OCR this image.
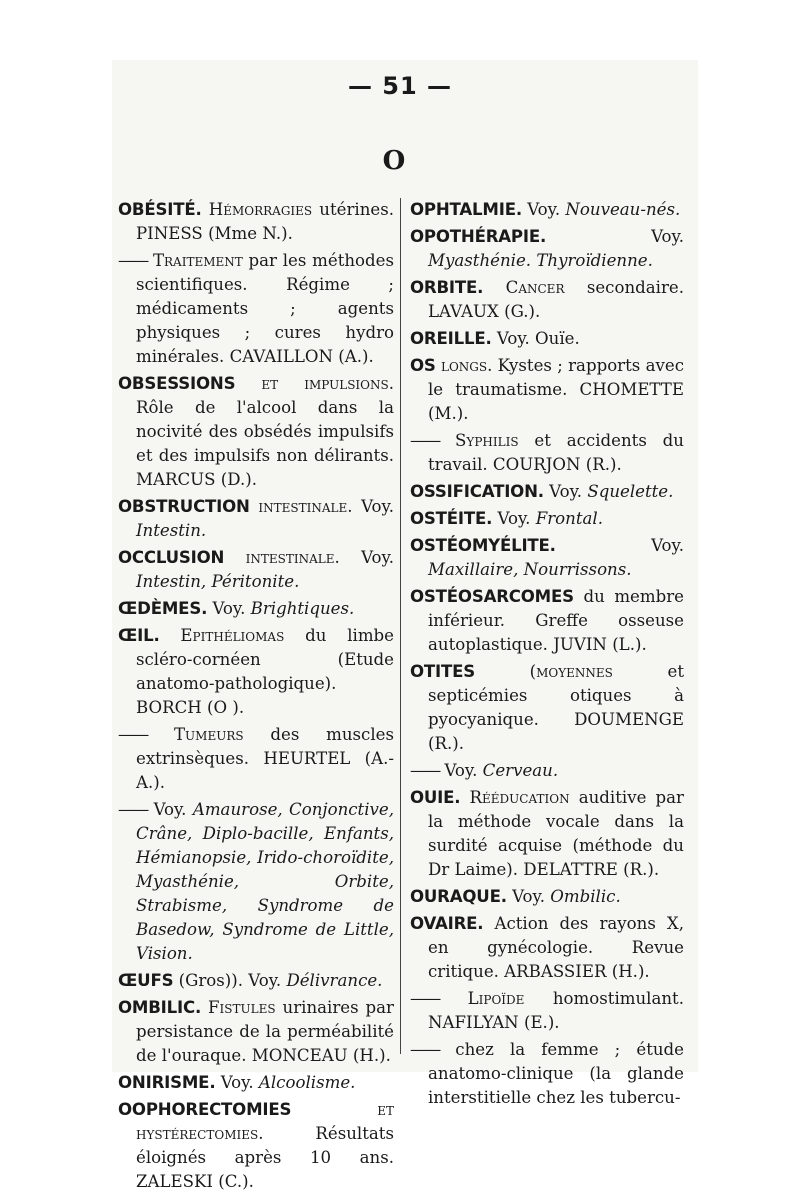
— 51 —
O
OBÉSITÉ. Hémorragies utérines. PINESS (Mme N.).
—— Traitement par les méthodes scientifiques. Régime ; médicaments ; agents physiques ; cures hydro minérales. CAVAILLON (A.).
OBSESSIONS et impulsions. Rôle de l'alcool dans la nocivité des obsédés impulsifs et des impulsifs non délirants. MARCUS (D.).
OBSTRUCTION intestinale. Voy. Intestin.
OCCLUSION intestinale. Voy. Intestin, Péritonite.
ŒDÈMES. Voy. Brightiques.
ŒIL. Epithéliomas du limbe scléro-cornéen (Etude anatomo-pathologique). BORCH (O ).
—— Tumeurs des muscles extrinsèques. HEURTEL (A.-A.).
—— Voy. Amaurose, Conjonctive, Crâne, Diplo-bacille, Enfants, Hémianopsie, Irido-choroïdite, Myasthénie, Orbite, Strabisme, Syndrome de Basedow, Syndrome de Little, Vision.
ŒUFS (Gros)). Voy. Délivrance.
OMBILIC. Fistules urinaires par persistance de la perméabilité de l'ouraque. MONCEAU (H.).
ONIRISME. Voy. Alcoolisme.
OOPHORECTOMIES	et hystérectomies. Résultats éloignés après 10 ans. ZALESKI (C.).
OPHTALMIE. Voy. Nouveau-nés.
OPOTHÉRAPIE. Voy. Myasthénie. Thyroïdienne.
ORBITE. Cancer secondaire. LAVAUX (G.).
OREILLE. Voy. Ouïe.
OS longs. Kystes ; rapports avec le traumatisme. CHOMETTE (M.).
—— Syphilis et accidents du travail. COURJON (R.).
OSSIFICATION. Voy. Squelette.
OSTÉITE. Voy. Frontal.
OSTÉOMYÉLITE. Voy. Maxillaire, Nourrissons.
OSTÉOSARCOMES du membre inférieur. Greffe osseuse autoplastique. JUVIN (L.).
OTITES	(moyennes et septicémies otiques à pyocyanique. DOUMENGE (R.).
—— Voy. Cerveau.
OUIE. Rééducation auditive par la méthode vocale dans la surdité acquise (méthode du Dr Laime). DELATTRE (R.).
OURAQUE. Voy. Ombilic.
OVAIRE. Action des rayons X, en gynécologie. Revue critique. ARBASSIER (H.).
—— Lipoïde homostimulant. NAFILYAN (E.).
—— chez la femme ; étude anatomo-clinique (la glande interstitielle chez les tubercu-
